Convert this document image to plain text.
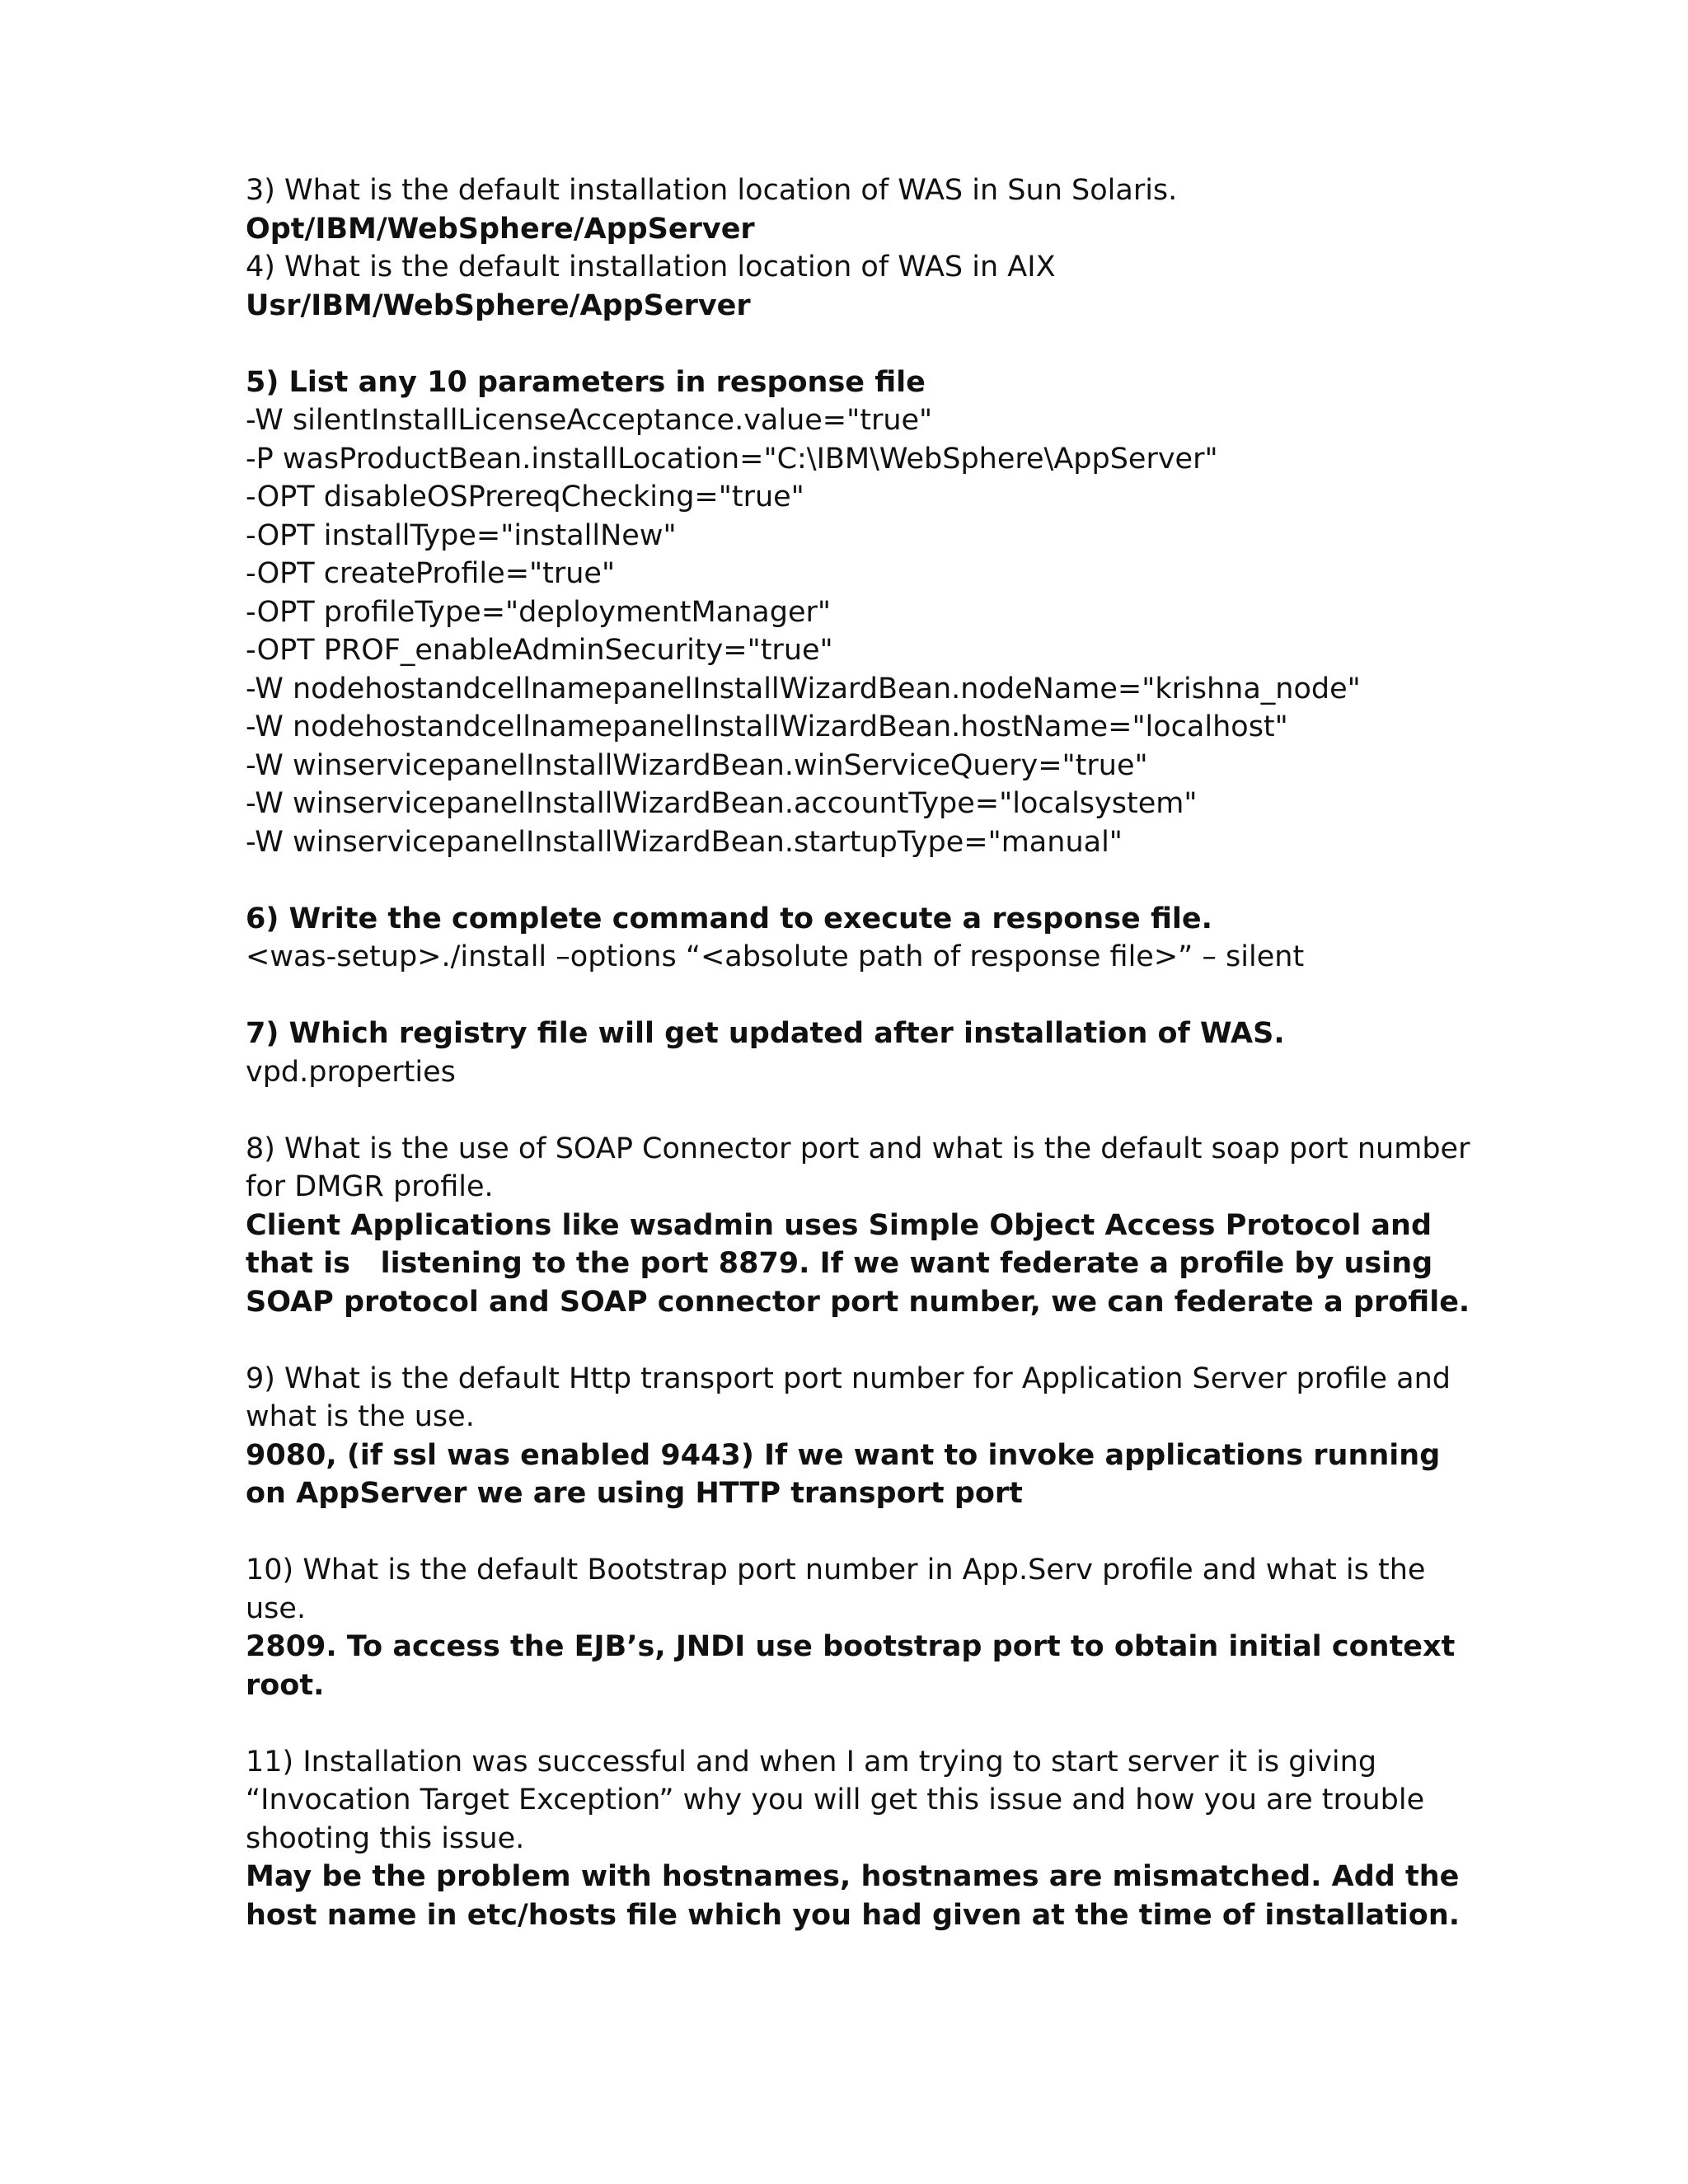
3) What is the default installation location of WAS in Sun Solaris.
Opt/IBM/WebSphere/AppServer
4) What is the default installation location of WAS in AIX
Usr/IBM/WebSphere/AppServer
5) List any 10 parameters in response file
-W silentInstallLicenseAcceptance.value="true"
-P wasProductBean.installLocation="C:\IBM\WebSphere\AppServer"
-OPT disableOSPrereqChecking="true"
-OPT installType="installNew"
-OPT createProfile="true"
-OPT profileType="deploymentManager"
-OPT PROF_enableAdminSecurity="true"
-W nodehostandcellnamepanelInstallWizardBean.nodeName="krishna_node"
-W nodehostandcellnamepanelInstallWizardBean.hostName="localhost"
-W winservicepanelInstallWizardBean.winServiceQuery="true"
-W winservicepanelInstallWizardBean.accountType="localsystem"
-W winservicepanelInstallWizardBean.startupType="manual"
6) Write the complete command to execute a response file.
<was-setup>./install –options “<absolute path of response file>” – silent
7) Which registry file will get updated after installation of WAS.
vpd.properties
8) What is the use of SOAP Connector port and what is the default soap port number
for DMGR profile.
Client Applications like wsadmin uses Simple Object Access Protocol and
that is   listening to the port 8879. If we want federate a profile by using
SOAP protocol and SOAP connector port number, we can federate a profile.
9) What is the default Http transport port number for Application Server profile and
what is the use.
9080, (if ssl was enabled 9443) If we want to invoke applications running
on AppServer we are using HTTP transport port
10) What is the default Bootstrap port number in App.Serv profile and what is the
use.
2809. To access the EJB’s, JNDI use bootstrap port to obtain initial context
root.
11) Installation was successful and when I am trying to start server it is giving
“Invocation Target Exception” why you will get this issue and how you are trouble
shooting this issue.
May be the problem with hostnames, hostnames are mismatched. Add the
host name in etc/hosts file which you had given at the time of installation.
